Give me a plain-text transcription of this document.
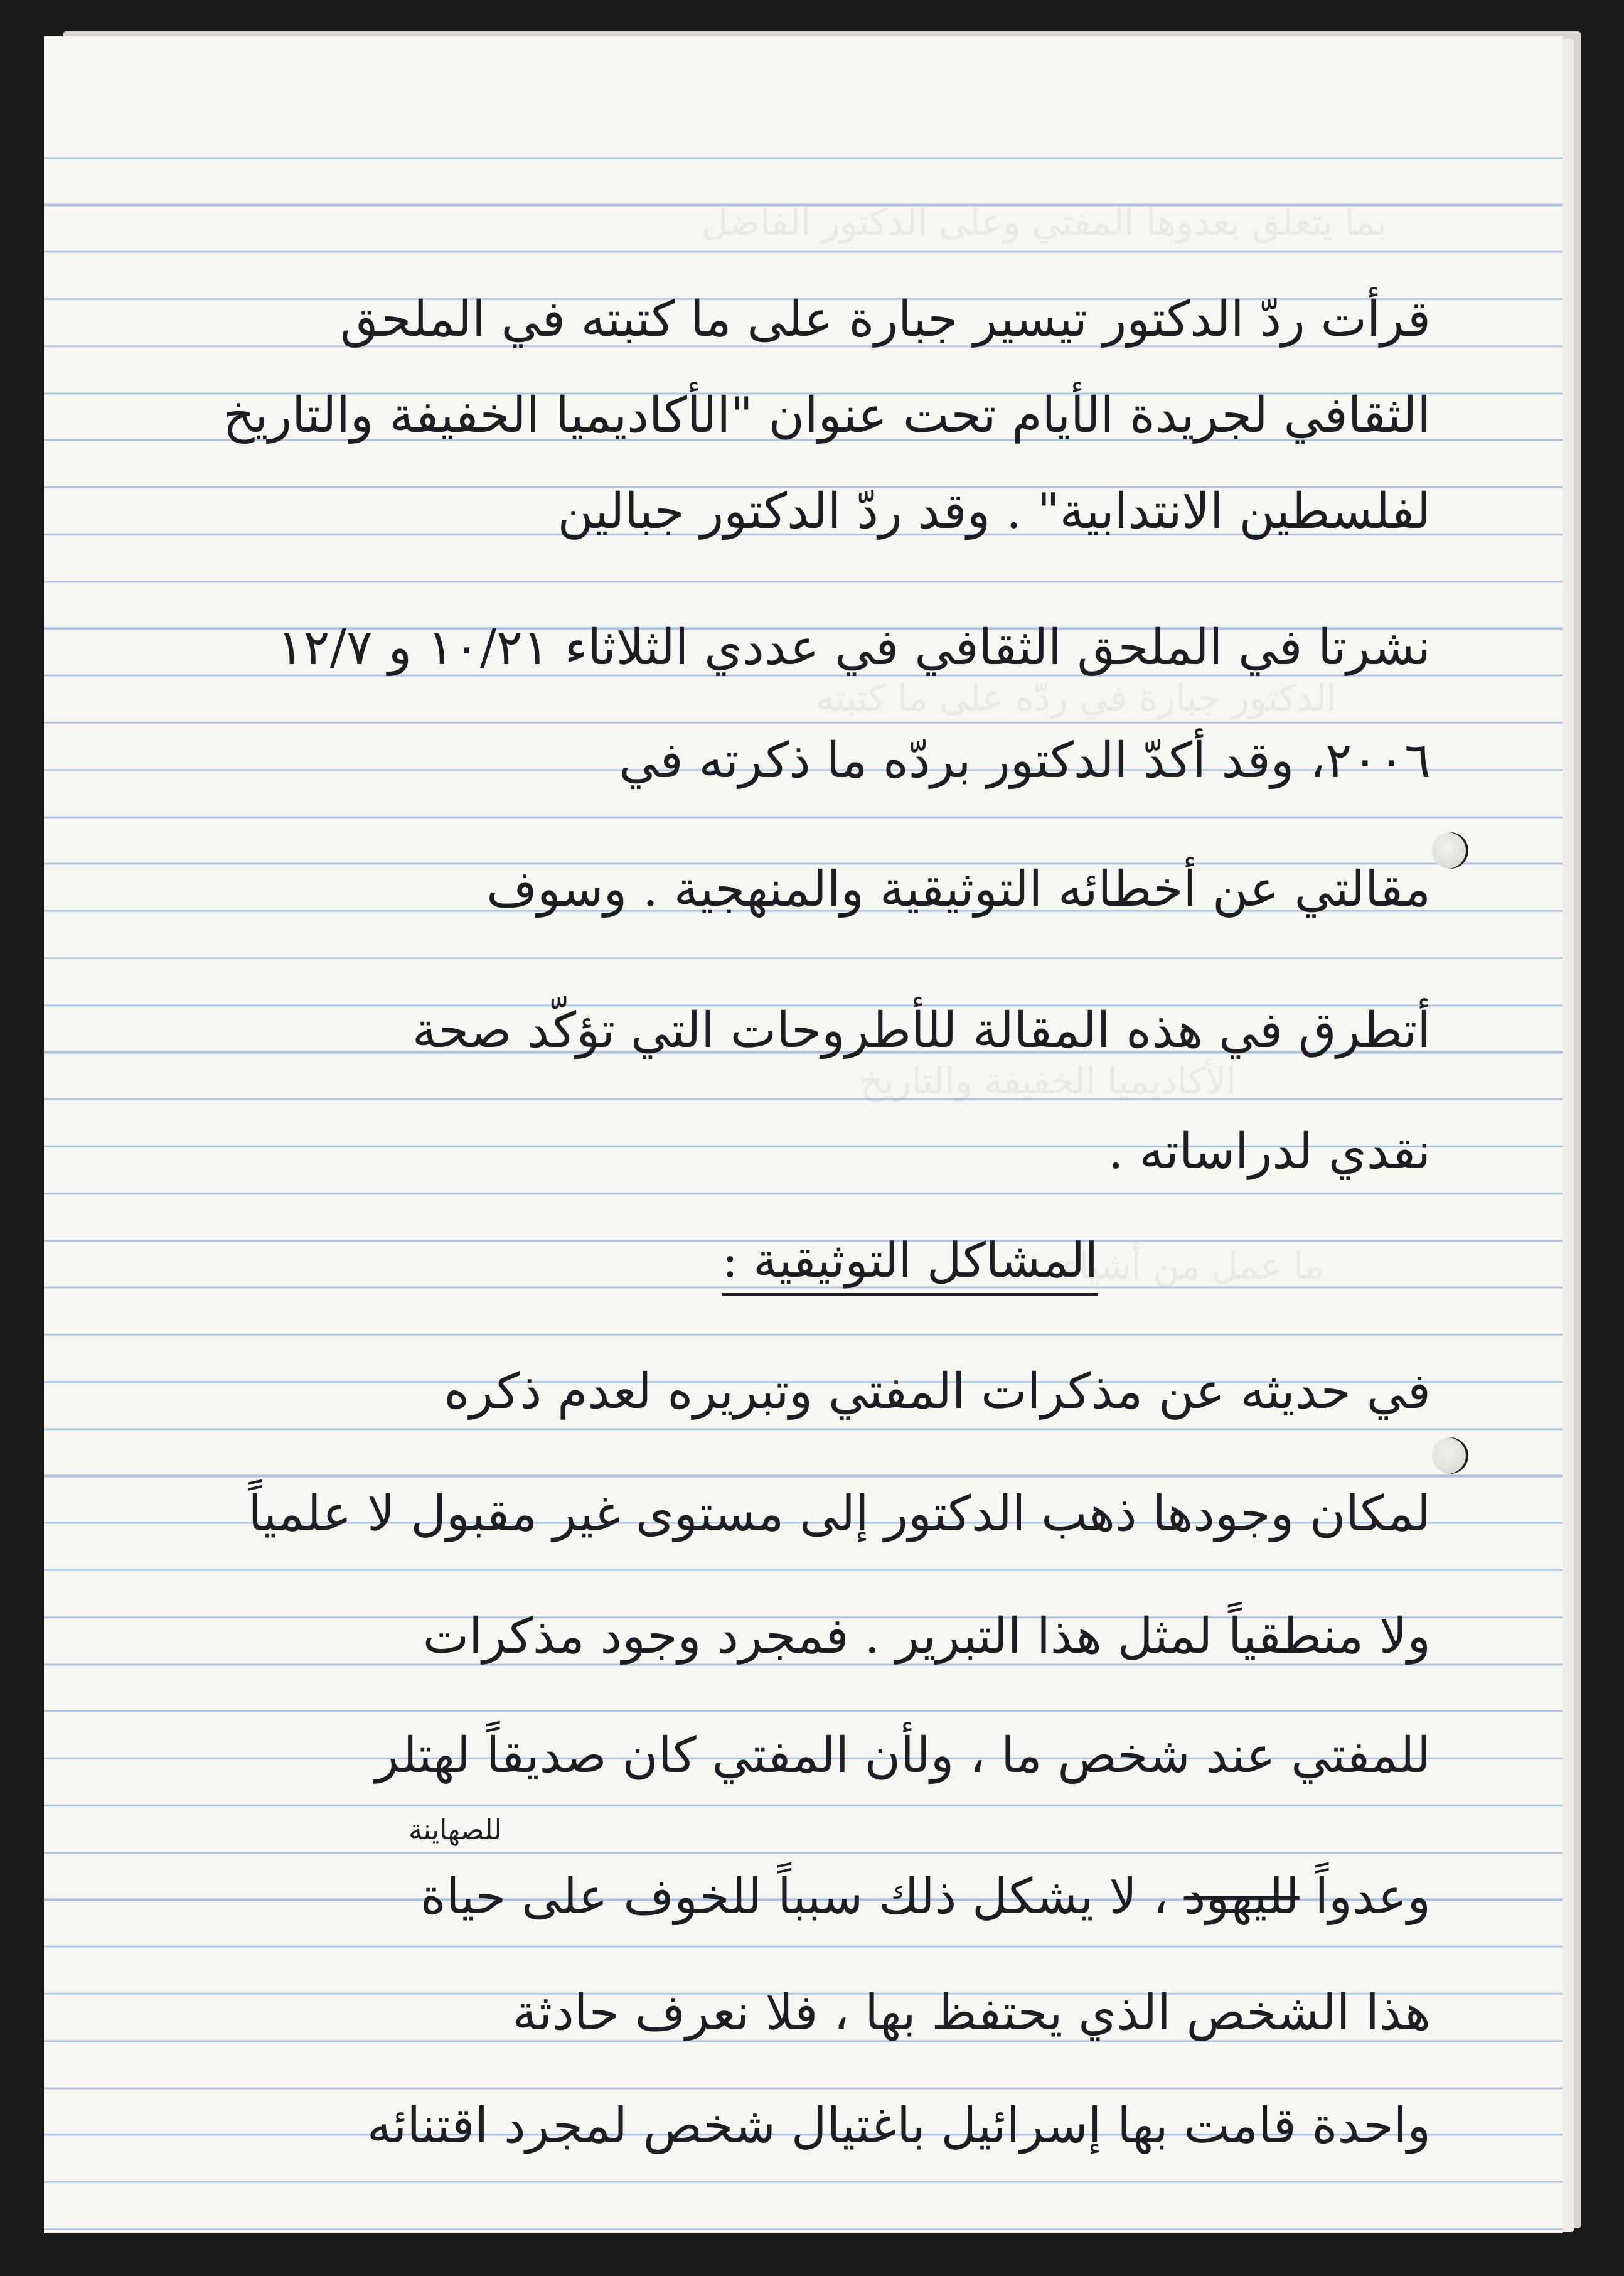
بما يتعلق بعدوها المفتي وعلى الدكتور الفاضل
الدكتور جبارة في ردّه على ما كتبته
الأكاديميا الخفيفة والتاريخ
ما عمل من أشياء
قرأت ردّ الدكتور تيسير جبارة على ما كتبته في الملحق
الثقافي لجريدة الأيام تحت عنوان "الأكاديميا الخفيفة والتاريخ
لفلسطين الانتدابية" . وقد ردّ الدكتور جبالين
نشرتا في الملحق الثقافي في عددي الثلاثاء ١٠/٢١ و ١٢/٧
٢٠٠٦، وقد أكدّ الدكتور بردّه ما ذكرته في
مقالتي عن أخطائه التوثيقية والمنهجية . وسوف
أتطرق في هذه المقالة للأطروحات التي تؤكّد صحة
نقدي لدراساته .
المشاكل التوثيقية :
في حديثه عن مذكرات المفتي وتبريره لعدم ذكره
لمكان وجودها ذهب الدكتور إلى مستوى غير مقبول لا علمياً
ولا منطقياً لمثل هذا التبرير . فمجرد وجود مذكرات
للمفتي عند شخص ما ، ولأن المفتي كان صديقاً لهتلر
للصهاينة
وعدواً لليهود ، لا يشكل ذلك سبباً للخوف على حياة
هذا الشخص الذي يحتفظ بها ، فلا نعرف حادثة
واحدة قامت بها إسرائيل باغتيال شخص لمجرد اقتنائه
